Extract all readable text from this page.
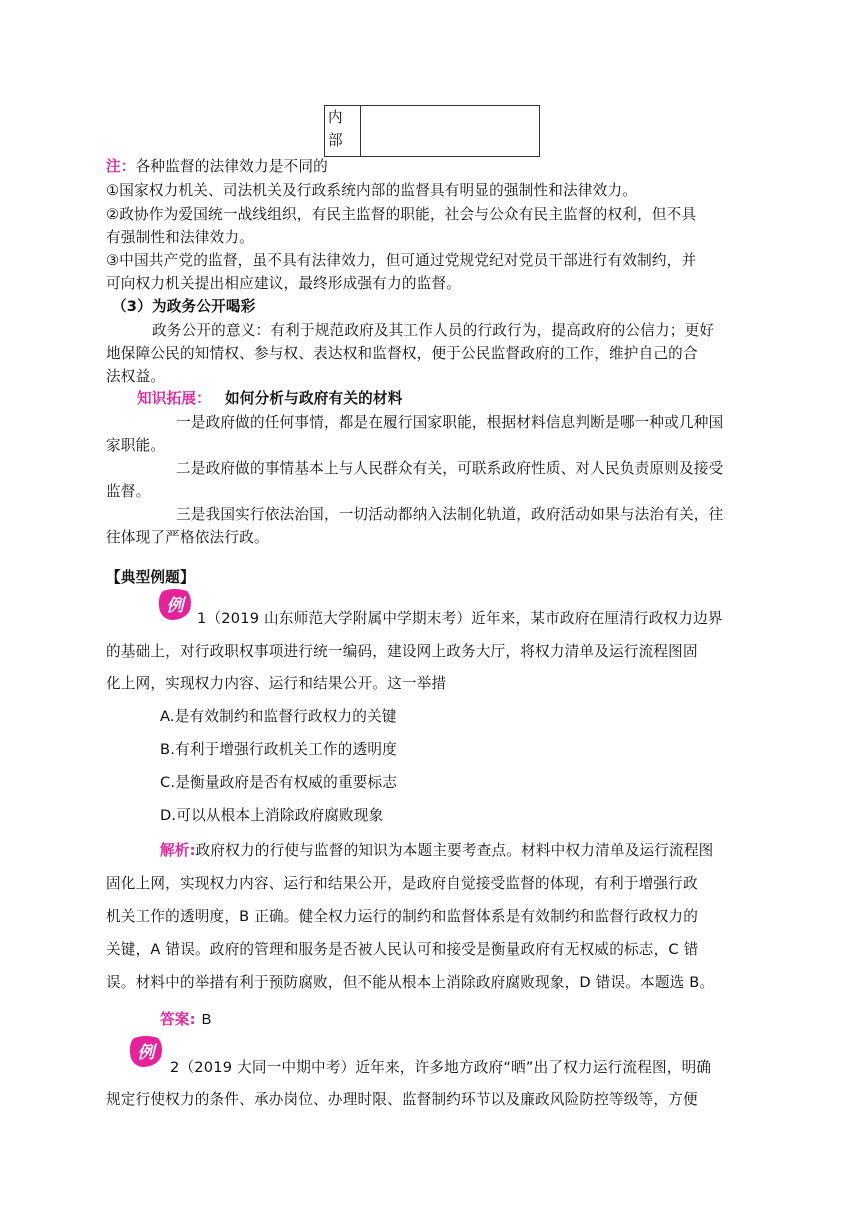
内
部

注：各种监督的法律效力是不同的
①国家权力机关、司法机关及行政系统内部的监督具有明显的强制性和法律效力。
②政协作为爱国统一战线组织，有民主监督的职能，社会与公众有民主监督的权利，但不具
有强制性和法律效力。
③中国共产党的监督，虽不具有法律效力，但可通过党规党纪对党员干部进行有效制约，并
可向权力机关提出相应建议，最终形成强有力的监督。
（3）为政务公开喝彩
政务公开的意义：有利于规范政府及其工作人员的行政行为，提高政府的公信力；更好
地保障公民的知情权、参与权、表达权和监督权，便于公民监督政府的工作，维护自己的合
法权益。
知识拓展： 如何分析与政府有关的材料
一是政府做的任何事情，都是在履行国家职能，根据材料信息判断是哪一种或几种国
家职能。
二是政府做的事情基本上与人民群众有关，可联系政府性质、对人民负责原则及接受
监督。
三是我国实行依法治国，一切活动都纳入法制化轨道，政府活动如果与法治有关，往
往体现了严格依法行政。
【典型例题】
例
1（2019 山东师范大学附属中学期末考）近年来，某市政府在厘清行政权力边界
的基础上，对行政职权事项进行统一编码，建设网上政务大厅，将权力清单及运行流程图固
化上网，实现权力内容、运行和结果公开。这一举措
A.是有效制约和监督行政权力的关键
B.有利于增强行政机关工作的透明度
C.是衡量政府是否有权威的重要标志
D.可以从根本上消除政府腐败现象
解析:政府权力的行使与监督的知识为本题主要考查点。材料中权力清单及运行流程图
固化上网，实现权力内容、运行和结果公开，是政府自觉接受监督的体现，有利于增强行政
机关工作的透明度，B 正确。健全权力运行的制约和监督体系是有效制约和监督行政权力的
关键，A 错误。政府的管理和服务是否被人民认可和接受是衡量政府有无权威的标志，C 错
误。材料中的举措有利于预防腐败，但不能从根本上消除政府腐败现象，D 错误。本题选 B。
答案: B
例
2（2019 大同一中期中考）近年来，许多地方政府“晒”出了权力运行流程图，明确
规定行使权力的条件、承办岗位、办理时限、监督制约环节以及廉政风险防控等级等，方便
